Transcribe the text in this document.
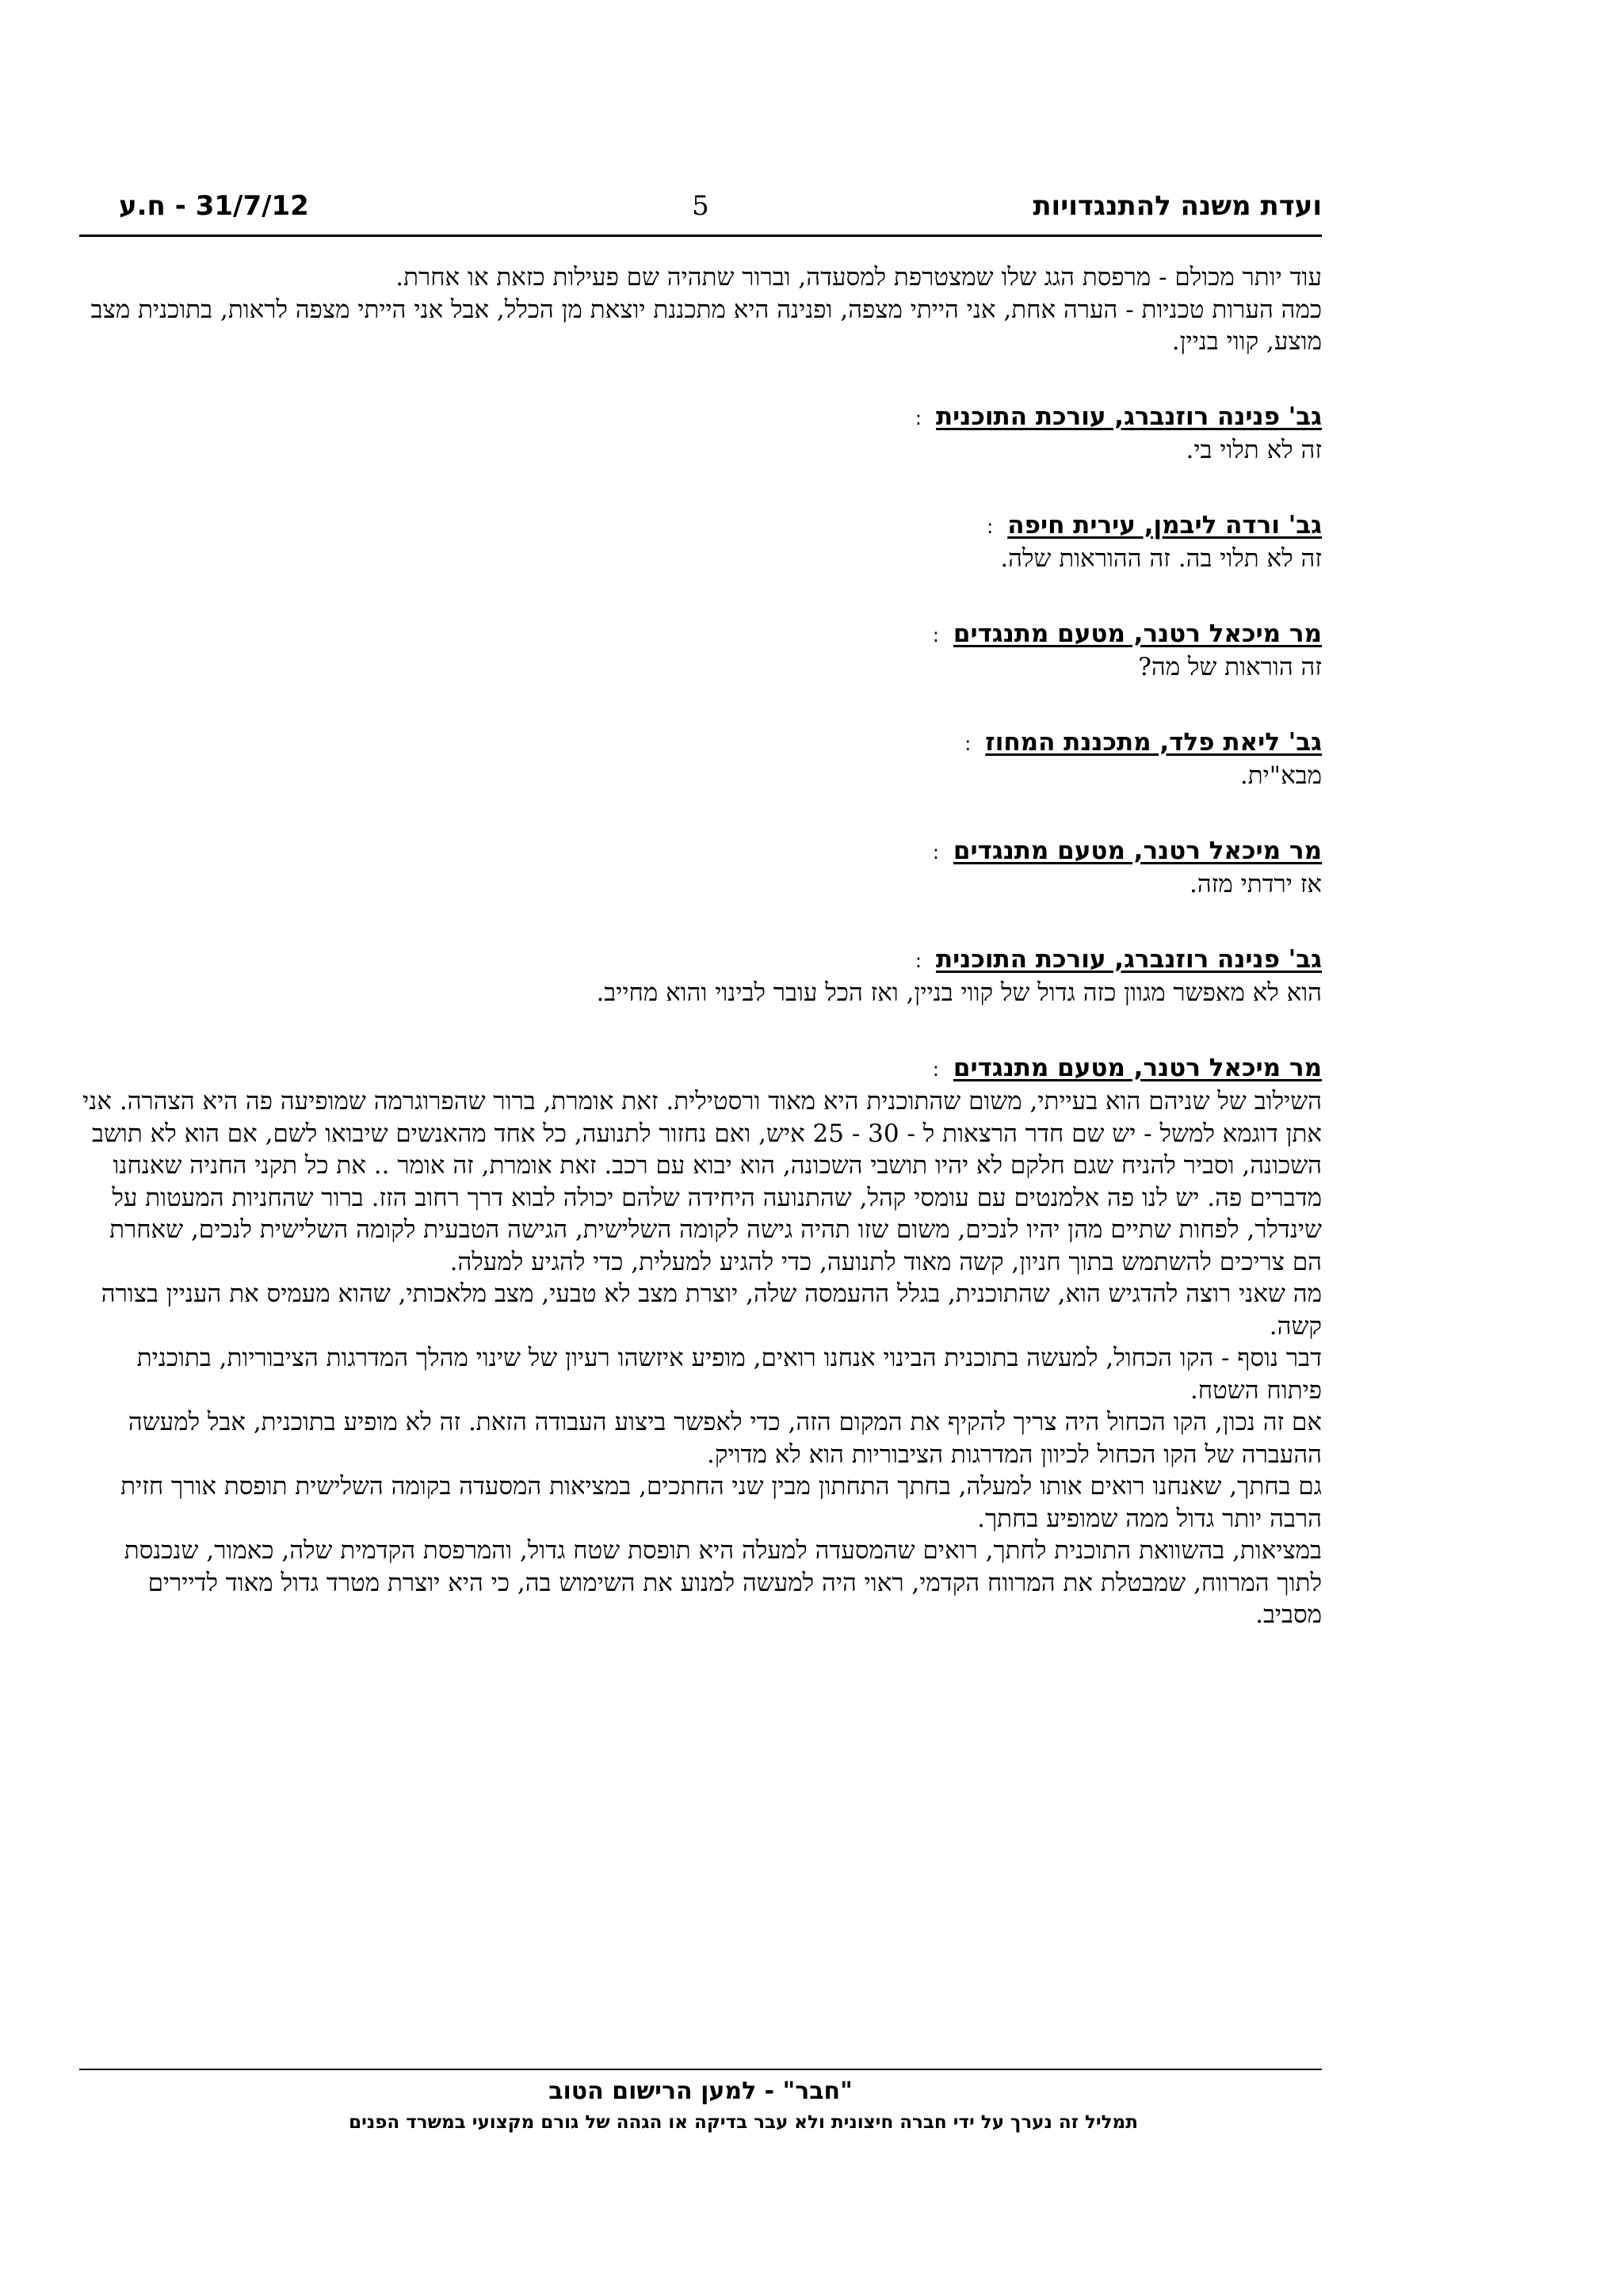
ועדת משנה להתנגדויות
5
31/7/12 - ח.ע

עוד יותר מכולם - מרפסת הגג שלו שמצטרפת למסעדה, וברור שתהיה שם פעילות כזאת או אחרת.

כמה הערות טכניות - הערה אחת, אני הייתי מצפה, ופנינה היא מתכננת יוצאת מן הכלל, אבל אני הייתי מצפה לראות, בתוכנית מצב מוצע, קווי בניין.

גב' פנינה רוזנברג, עורכת התוכנית:

זה לא תלוי בי.

גב' ורדה ליבמן, עירית חיפה:

זה לא תלוי בה. זה ההוראות שלה.

מר מיכאל רטנר, מטעם מתנגדים:

זה הוראות של מה?

גב' ליאת פלד, מתכננת המחוז:

מבא"ית.

מר מיכאל רטנר, מטעם מתנגדים:

אז ירדתי מזה.

גב' פנינה רוזנברג, עורכת התוכנית:

הוא לא מאפשר מגוון כזה גדול של קווי בניין, ואז הכל עובר לבינוי והוא מחייב.

מר מיכאל רטנר, מטעם מתנגדים:

השילוב של שניהם הוא בעייתי, משום שהתוכנית היא מאוד ורסטילית. זאת אומרת, ברור שהפרוגרמה שמופיעה פה היא הצהרה. אני אתן דוגמא למשל - יש שם חדר הרצאות ל - 30 - 25 איש, ואם נחזור לתנועה, כל אחד מהאנשים שיבואו לשם, אם הוא לא תושב השכונה, וסביר להניח שגם חלקם לא יהיו תושבי השכונה, הוא יבוא עם רכב. זאת אומרת, זה אומר .. את כל תקני החניה שאנחנו מדברים פה. יש לנו פה אלמנטים עם עומסי קהל, שהתנועה היחידה שלהם יכולה לבוא דרך רחוב הזז. ברור שהחניות המעטות על שינדלר, לפחות שתיים מהן יהיו לנכים, משום שזו תהיה גישה לקומה השלישית, הגישה הטבעית לקומה השלישית לנכים, שאחרת הם צריכים להשתמש בתוך חניון, קשה מאוד לתנועה, כדי להגיע למעלית, כדי להגיע למעלה.

מה שאני רוצה להדגיש הוא, שהתוכנית, בגלל ההעמסה שלה, יוצרת מצב לא טבעי, מצב מלאכותי, שהוא מעמיס את העניין בצורה קשה.

דבר נוסף - הקו הכחול, למעשה בתוכנית הבינוי אנחנו רואים, מופיע איזשהו רעיון של שינוי מהלך המדרגות הציבוריות, בתוכנית פיתוח השטח.

אם זה נכון, הקו הכחול היה צריך להקיף את המקום הזה, כדי לאפשר ביצוע העבודה הזאת. זה לא מופיע בתוכנית, אבל למעשה ההעברה של הקו הכחול לכיוון המדרגות הציבוריות הוא לא מדויק.

גם בחתך, שאנחנו רואים אותו למעלה, בחתך התחתון מבין שני החתכים, במציאות המסעדה בקומה השלישית תופסת אורך חזית הרבה יותר גדול ממה שמופיע בחתך.

במציאות, בהשוואת התוכנית לחתך, רואים שהמסעדה למעלה היא תופסת שטח גדול, והמרפסת הקדמית שלה, כאמור, שנכנסת לתוך המרווח, שמבטלת את המרווח הקדמי, ראוי היה למעשה למנוע את השימוש בה, כי היא יוצרת מטרד גדול מאוד לדיירים מסביב.

"חבר" - למען הרישום הטוב
תמליל זה נערך על ידי חברה חיצונית ולא עבר בדיקה או הגהה של גורם מקצועי במשרד הפנים
